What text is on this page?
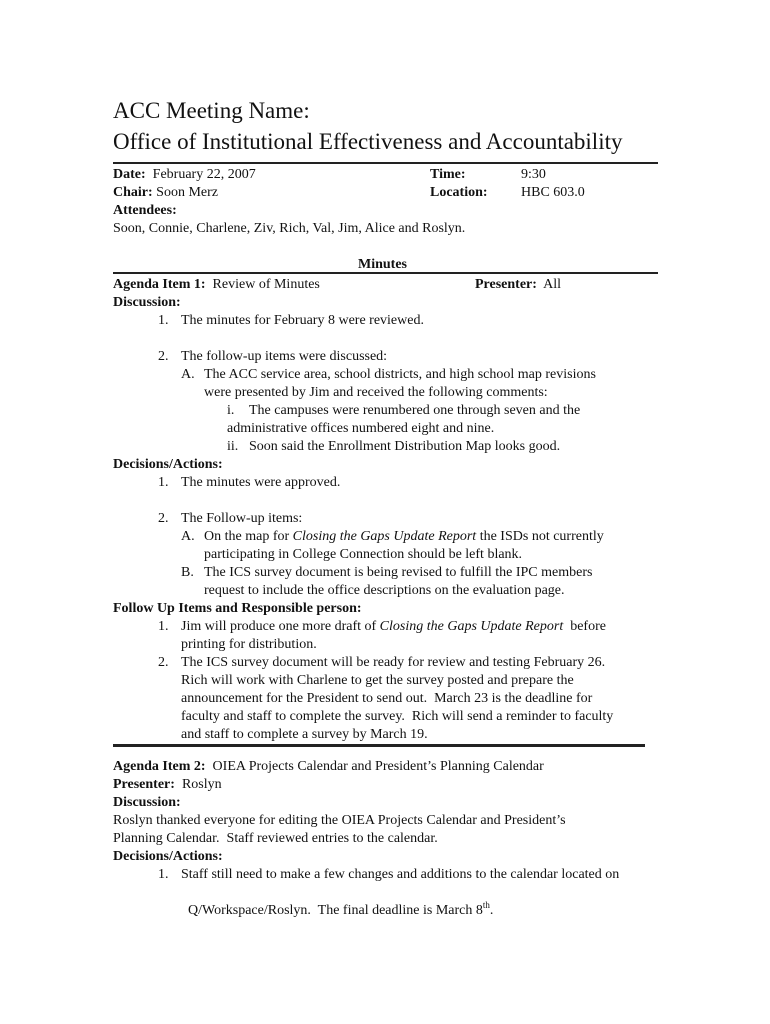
ACC Meeting Name:
Office of Institutional Effectiveness and Accountability
Date: February 22, 2007	Time:	9:30
Chair: Soon Merz	Location: HBC 603.0
Attendees:
Soon, Connie, Charlene, Ziv, Rich, Val, Jim, Alice and Roslyn.
Minutes
Agenda Item 1: Review of Minutes	Presenter: All
Discussion:
1. The minutes for February 8 were reviewed.
2. The follow-up items were discussed:
A. The ACC service area, school districts, and high school map revisions
were presented by Jim and received the following comments:
i. The campuses were renumbered one through seven and the
administrative offices numbered eight and nine.
ii. Soon said the Enrollment Distribution Map looks good.
Decisions/Actions:
1. The minutes were approved.
2. The Follow-up items:
A. On the map for Closing the Gaps Update Report the ISDs not currently
participating in College Connection should be left blank.
B. The ICS survey document is being revised to fulfill the IPC members
request to include the office descriptions on the evaluation page.
Follow Up Items and Responsible person:
1. Jim will produce one more draft of Closing the Gaps Update Report  before
printing for distribution.
2. The ICS survey document will be ready for review and testing February 26.
Rich will work with Charlene to get the survey posted and prepare the
announcement for the President to send out.  March 23 is the deadline for
faculty and staff to complete the survey.  Rich will send a reminder to faculty
and staff to complete a survey by March 19.
Agenda Item 2: OIEA Projects Calendar and President’s Planning Calendar
Presenter: Roslyn
Discussion:
Roslyn thanked everyone for editing the OIEA Projects Calendar and President’s
Planning Calendar.  Staff reviewed entries to the calendar.
Decisions/Actions:
1. Staff still need to make a few changes and additions to the calendar located on

Q/Workspace/Roslyn.  The final deadline is March 8th.
